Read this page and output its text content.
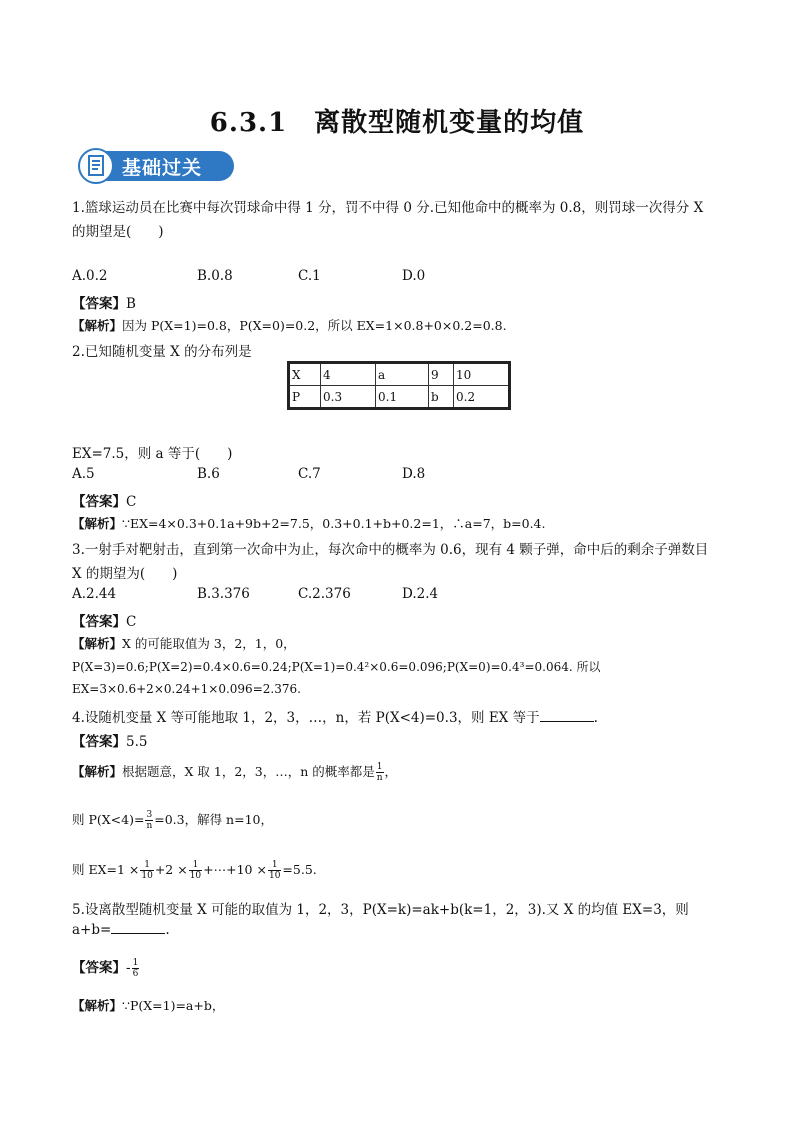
6.3.1　离散型随机变量的均值
基础过关
1.篮球运动员在比赛中每次罚球命中得 1 分，罚不中得 0 分.已知他命中的概率为 0.8，则罚球一次得分 X
的期望是(　　)
A.0.2	B.0.8	C.1	D.0
【答案】B
【解析】因为 P(X=1)=0.8，P(X=0)=0.2，所以 EX=1×0.8+0×0.2=0.8.
2.已知随机变量 X 的分布列是
X	4	a	9	10
P	0.3	0.1	b	0.2
EX=7.5，则 a 等于(　　)
A.5	B.6	C.7	D.8
【答案】C
【解析】∵EX=4×0.3+0.1a+9b+2=7.5，0.3+0.1+b+0.2=1，∴a=7，b=0.4.
3.一射手对靶射击，直到第一次命中为止，每次命中的概率为 0.6，现有 4 颗子弹，命中后的剩余子弹数目
X 的期望为(　　)
A.2.44	B.3.376	C.2.376	D.2.4
【答案】C
【解析】X 的可能取值为 3，2，1，0，
P(X=3)=0.6;P(X=2)=0.4×0.6=0.24;P(X=1)=0.4²×0.6=0.096;P(X=0)=0.4³=0.064. 所以
EX=3×0.6+2×0.24+1×0.096=2.376.
4.设随机变量 X 等可能地取 1，2，3，…，n，若 P(X<4)=0.3，则 EX 等于	.
【答案】5.5
【解析】根据题意，X 取 1，2，3，…，n 的概率都是 $\frac{1}{n}$ ，
则 $P(X<4)= \frac{3}{n} =0.3$，解得 n=10，
则 $EX=1 \times \frac{1}{10} +2 \times \frac{1}{10}$ +⋯+10 × $\frac{1}{10} =5.5$.
5.设离散型随机变量 X 可能的取值为 1，2，3，P(X=k)=ak+b(k=1，2，3).又 X 的均值 EX=3，则
a+b=	.
【答案】- $\frac{1}{6}$
【解析】∵P(X=1)=a+b，
